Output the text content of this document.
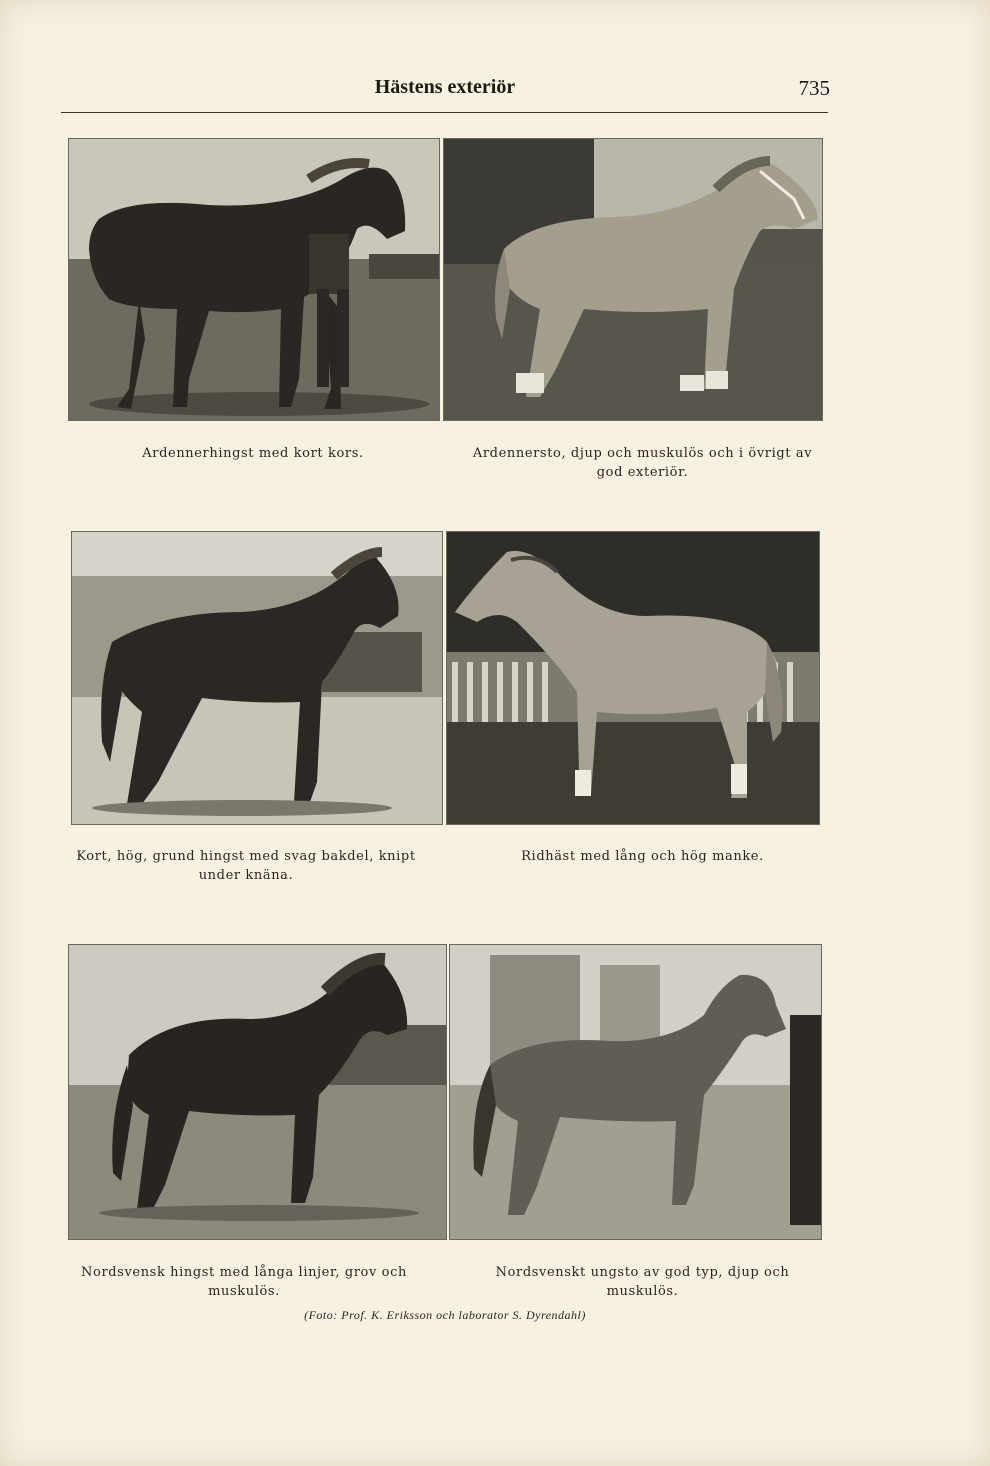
Hästens exteriör	735
Ardennerhingst med kort kors.	Ardennersto, djup och muskulös och i övrigt av god exteriör.
Kort, hög, grund hingst med svag bakdel, knipt under knäna.
Ridhäst med lång och hög manke.
Nordsvensk hingst med långa linjer, grov och muskulös.
Nordsvenskt ungsto av god typ, djup och muskulös.
(Foto: Prof. K. Eriksson och laborator S. Dyrendahl)
